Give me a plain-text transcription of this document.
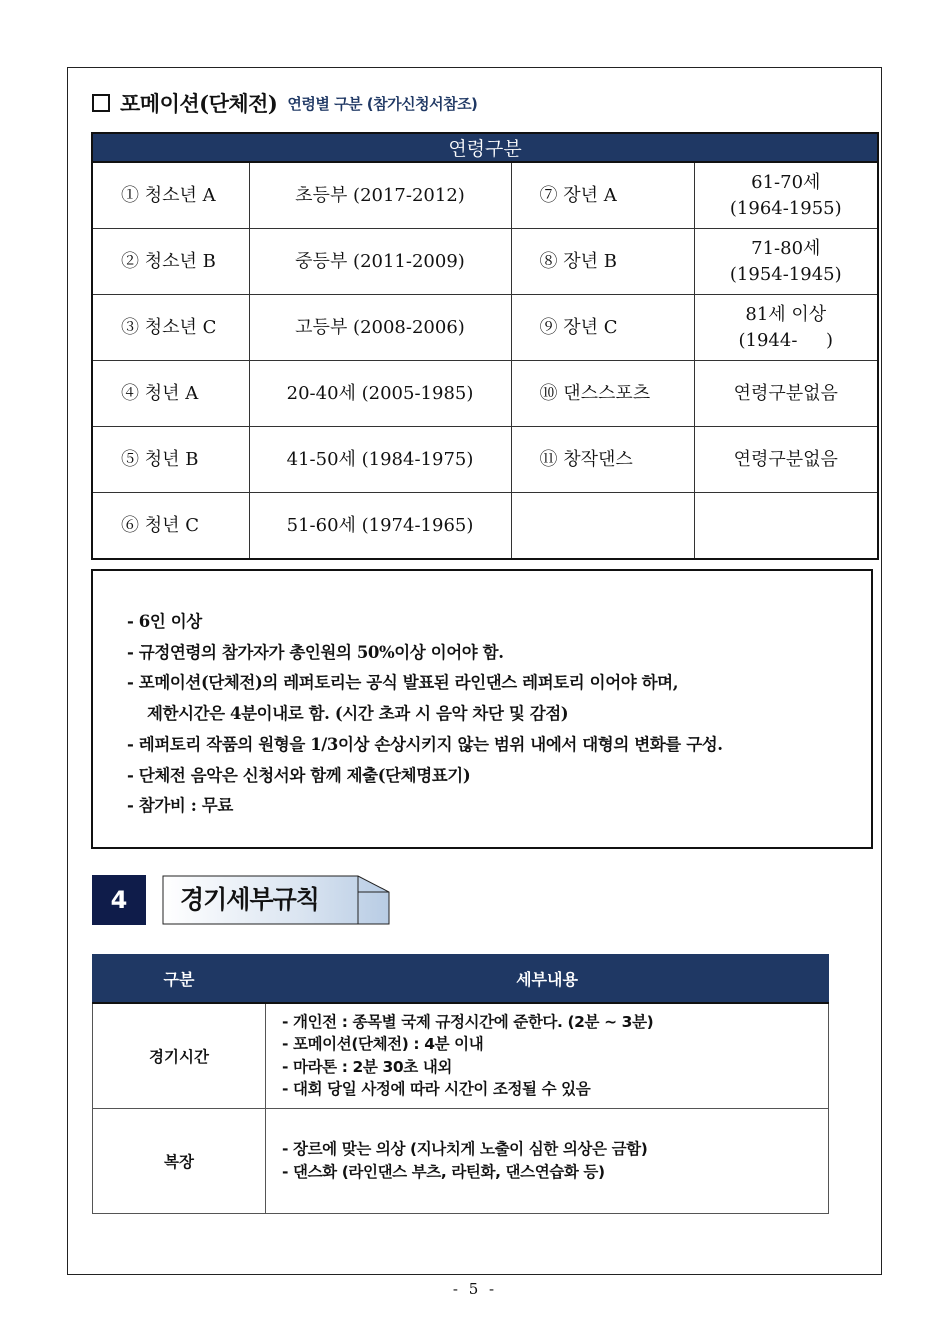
포메이션(단체전) 연령별 구분 (참가신청서참조)
연령구분			
① 청소년 A	초등부 (2017-2012)	⑦ 장년 A	61-70세
(1964-1955)

② 청소년 B	중등부 (2011-2009)	⑧ 장년 B	71-80세
(1954-1945)

③ 청소년 C	고등부 (2008-2006)	⑨ 장년 C	81세 이상
(1944-     )

④ 청년 A	20-40세 (2005-1985)	⑩ 댄스스포츠	연령구분없음
⑤ 청년 B	41-50세 (1984-1975)	⑪ 창작댄스	연령구분없음
⑥ 청년 C	51-60세 (1974-1965)		
- 6인 이상
- 규정연령의 참가자가 총인원의 50%이상 이어야 함.
- 포메이션(단체전)의 레퍼토리는 공식 발표된 라인댄스 레퍼토리 이어야 하며,
제한시간은 4분이내로 함. (시간 초과 시 음악 차단 및 감점)
- 레퍼토리 작품의 원형을 1/3이상 손상시키지 않는 범위 내에서 대형의 변화를 구성.
- 단체전 음악은 신청서와 함께 제출(단체명표기)
- 참가비 : 무료
4	경기세부규칙
구분	세부내용
경기시간	- 개인전 : 종목별 국제 규정시간에 준한다. (2분 ~ 3분)
- 포메이션(단체전) : 4분 이내
- 마라톤 : 2분 30초 내외
- 대회 당일 사정에 따라 시간이 조정될 수 있음

복장	- 장르에 맞는 의상 (지나치게 노출이 심한 의상은 금함)
- 댄스화 (라인댄스 부츠, 라틴화, 댄스연습화 등)
- 5 -
